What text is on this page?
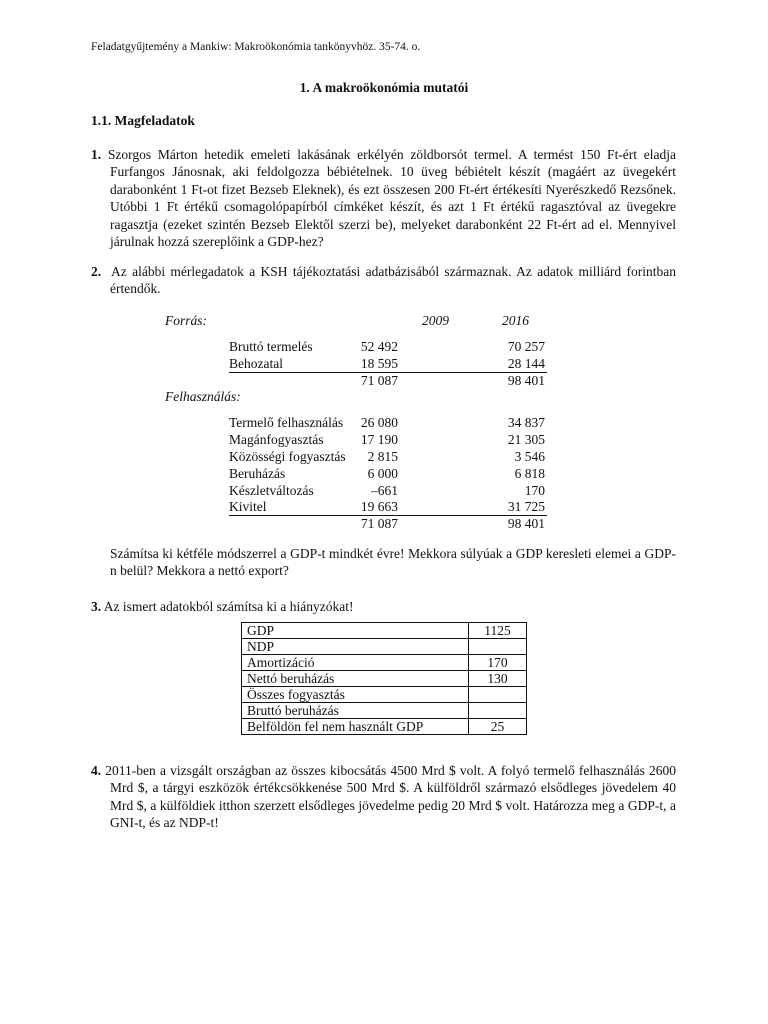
Feladatgyűjtemény a Mankiw: Makroökonómia tankönyvhöz. 35-74. o.
1. A makroökonómia mutatói
1.1. Magfeladatok
1. Szorgos Márton hetedik emeleti lakásának erkélyén zöldborsót termel. A termést 150 Ft-ért eladja Furfangos Jánosnak, aki feldolgozza bébiételnek. 10 üveg bébiételt készít (magáért az üvegekért darabonként 1 Ft-ot fizet Bezseb Eleknek), és ezt összesen 200 Ft-ért értékesíti Nyerészkedő Rezsőnek. Utóbbi 1 Ft értékű csomagolópapírból címkéket készít, és azt 1 Ft értékű ragasztóval az üvegekre ragasztja (ezeket szintén Bezseb Elektől szerzi be), melyeket darabonként 22 Ft-ért ad el. Mennyivel járulnak hozzá szereplőink a GDP-hez?
2. Az alábbi mérlegadatok a KSH tájékoztatási adatbázisából származnak. Az adatok milliárd forintban értendők.
Forrás:	2009	2016
Bruttó termelés	52 492	70 257
Behozatal	18 595	28 144
71 087	98 401
Felhasználás:
Termelő felhasználás 26 080	34 837
Magánfogyasztás	17 190	21 305
Közösségi fogyasztás 2 815	3 546
Beruházás	6 000	6 818
Készletváltozás	–661	170
Kivitel	19 663	31 725
71 087	98 401
Számítsa ki kétféle módszerrel a GDP-t mindkét évre! Mekkora súlyúak a GDP keresleti elemei a GDP-n belül? Mekkora a nettó export?
3. Az ismert adatokból számítsa ki a hiányzókat!
GDP	1125
NDP	
Amortizáció	170
Nettó beruházás	130
Összes fogyasztás	
Bruttó beruházás	
Belföldön fel nem használt GDP	25
4. 2011-ben a vizsgált országban az összes kibocsátás 4500 Mrd $ volt. A folyó termelő felhasználás 2600 Mrd $, a tárgyi eszközök értékcsökkenése 500 Mrd $. A külföldről származó elsődleges jövedelem 40 Mrd $, a külföldiek itthon szerzett elsődleges jövedelme pedig 20 Mrd $ volt. Határozza meg a GDP-t, a GNI-t, és az NDP-t!
